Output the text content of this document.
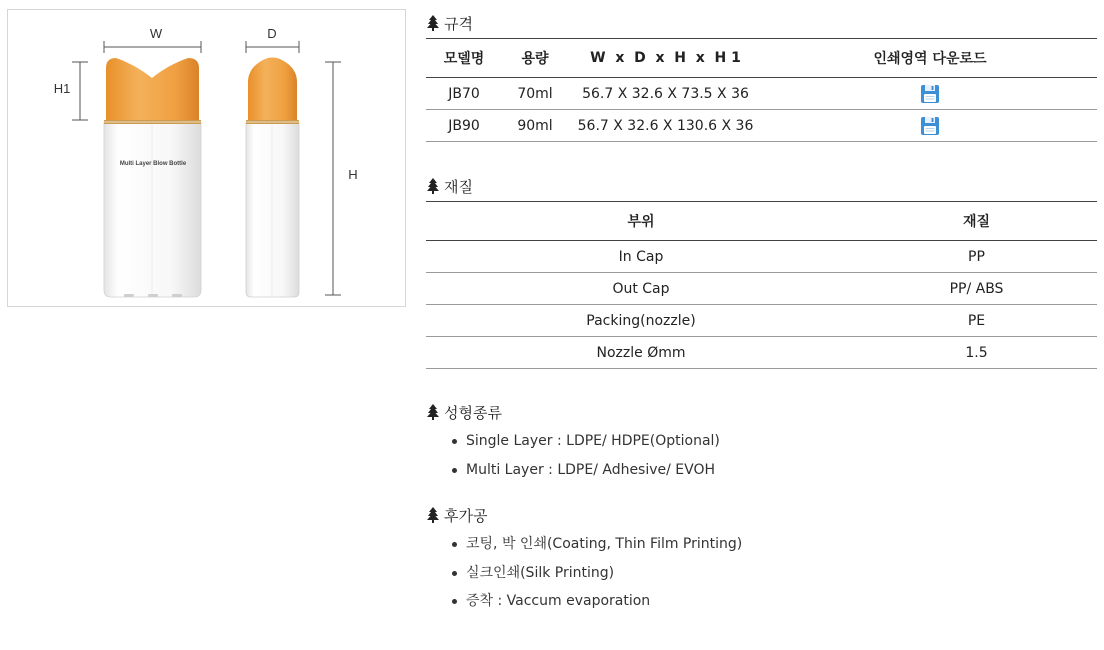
W	D
H1
H
Multi Layer Blow Bottle
규격
모델명	용량	W  x  D  x  H  x  H 1	인쇄영역 다운로드
JB70	70ml	56.7 X 32.6 X 73.5 X 36	
JB90	90ml	56.7 X 32.6 X 130.6 X 36	
재질
부위	재질
In Cap	PP
Out Cap	PP/ ABS
Packing(nozzle)	PE
Nozzle Ømm	1.5
성형종류
Single Layer : LDPE/ HDPE(Optional)
Multi Layer : LDPE/ Adhesive/ EVOH
후가공
코팅, 박 인쇄(Coating, Thin Film Printing)
실크인쇄(Silk Printing)
증착 : Vaccum evaporation
